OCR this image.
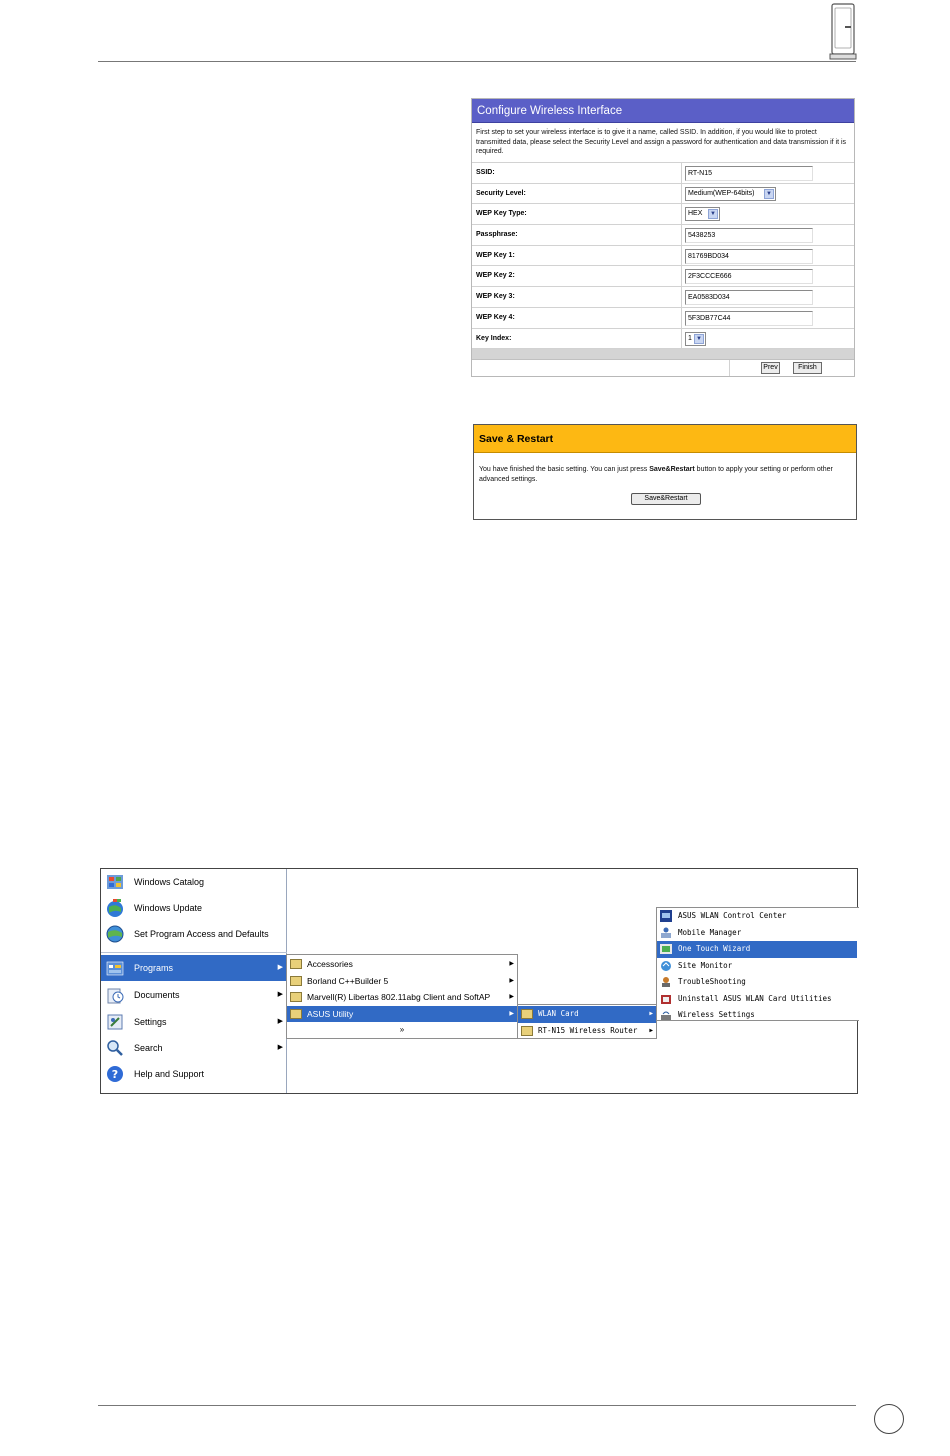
Configure Wireless Interface
First step to set your wireless interface is to give it a name, called SSID. In addition, if you would like to protect transmitted data, please select the Security Level and assign a password for authentication and data transmission if it is required.
SSID:	RT-N15
Security Level:	Medium(WEP-64bits)	▼
WEP Key Type:	HEX	▼
Passphrase:	5438253
WEP Key 1:	81769BD034
WEP Key 2:	2F3CCCE666
WEP Key 3:	EA0583D034
WEP Key 4:	5F3DB77C44
Key Index:	1 ▼
Prev	Finish
Save & Restart
You have finished the basic setting. You can just press Save&Restart button to apply your setting or perform other advanced settings.
Save&Restart
Windows Catalog
Windows Update
Set Program Access and Defaults
Programs	▶
Documents	▶
Settings	▶
Search	▶
? Help and Support
Accessories	▶
Borland C++Builder 5	▶
Marvell(R) Libertas 802.11abg Client and SoftAP	▶
ASUS Utility	▶
»
WLAN Card	▶
RT-N15 Wireless Router ▶
ASUS WLAN Control Center
Mobile Manager
One Touch Wizard
Site Monitor
TroubleShooting
Uninstall ASUS WLAN Card Utilities
Wireless Settings
